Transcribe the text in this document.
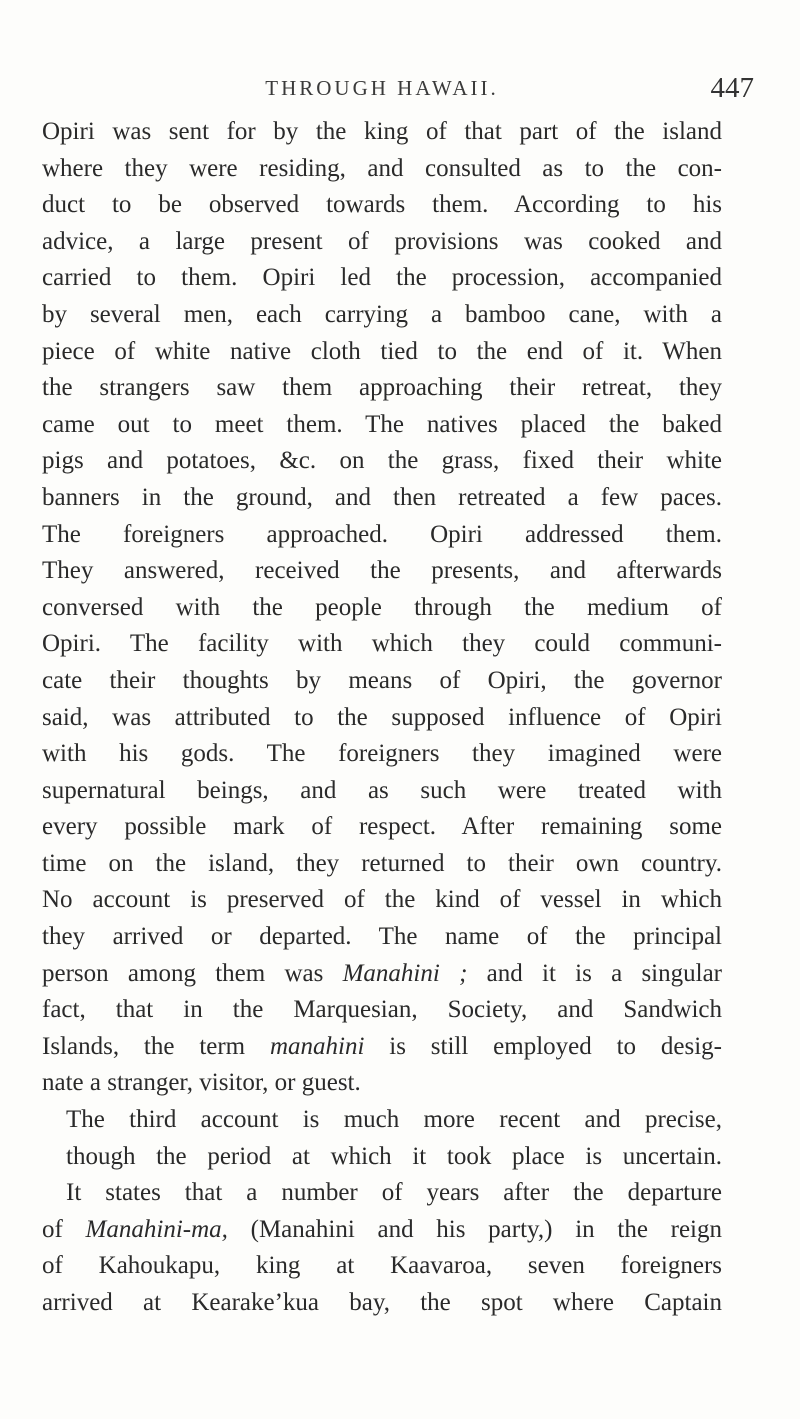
THROUGH HAWAII.	447
Opiri was sent for by the king of that part of the island
where they were residing, and consulted as to the con-
duct to be observed towards them. According to his
advice, a large present of provisions was cooked and
carried to them. Opiri led the procession, accompanied
by several men, each carrying a bamboo cane, with a
piece of white native cloth tied to the end of it. When
the strangers saw them approaching their retreat, they
came out to meet them. The natives placed the baked
pigs and potatoes, &c. on the grass, fixed their white
banners in the ground, and then retreated a few paces.
The foreigners approached. Opiri addressed them.
They answered, received the presents, and afterwards
conversed with the people through the medium of
Opiri. The facility with which they could communi-
cate their thoughts by means of Opiri, the governor
said, was attributed to the supposed influence of Opiri
with his gods. The foreigners they imagined were
supernatural beings, and as such were treated with
every possible mark of respect. After remaining some
time on the island, they returned to their own country.
No account is preserved of the kind of vessel in which
they arrived or departed. The name of the principal
person among them was Manahini ; and it is a singular
fact, that in the Marquesian, Society, and Sandwich
Islands, the term manahini is still employed to desig-
nate a stranger, visitor, or guest.
The third account is much more recent and precise,
though the period at which it took place is uncertain.
It states that a number of years after the departure
of Manahini-ma, (Manahini and his party,) in the reign
of Kahoukapu, king at Kaavaroa, seven foreigners
arrived at Kearake’kua bay, the spot where Captain
